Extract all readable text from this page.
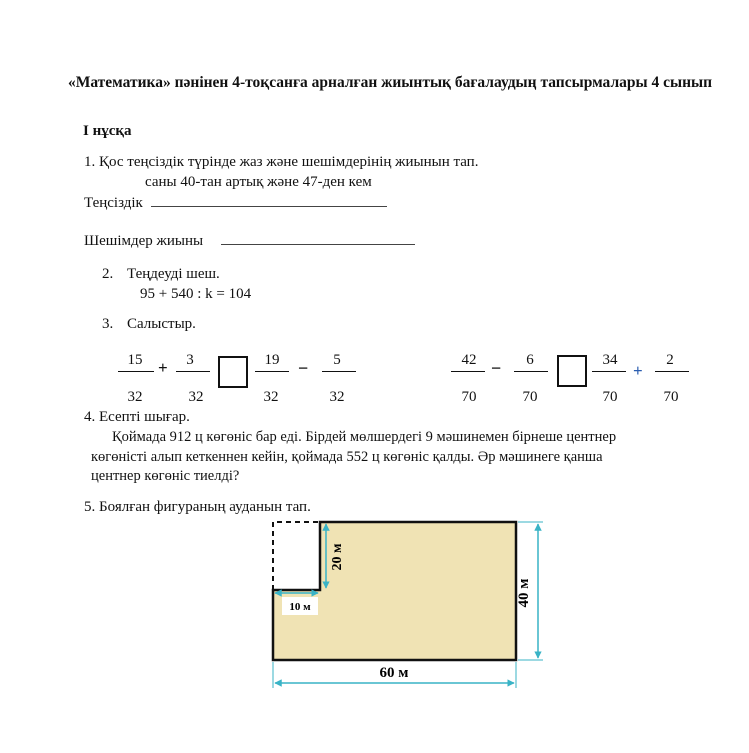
«Математика» пәнінен 4-тоқсанға арналған жиынтық бағалаудың тапсырмалары 4 сынып
I нұсқа
1. Қос теңсіздік түрінде жаз және шешімдерінің жиынын тап.
саны 40-тан артық және 47-ден кем
Теңсіздік
Шешімдер жиыны
2. Теңдеуді шеш.
95 + 540 : k = 104
3. Салыстыр.
15
32
+	3
32
19
32
−	5
32
42
70
−	6
70
34
70
+
2
70
4. Есепті шығар.
Қоймада 912 ц көгөніс бар еді. Бірдей мөлшердегі 9 мәшинемен бірнеше центнер
көгөністі алып кеткеннен кейін, қоймада 552 ц көгөніс қалды. Әр мәшинеге қанша
центнер көгөніс тиелді?
5. Боялған фигураның ауданын тап.
60 м
40 м
20 м
10 м
